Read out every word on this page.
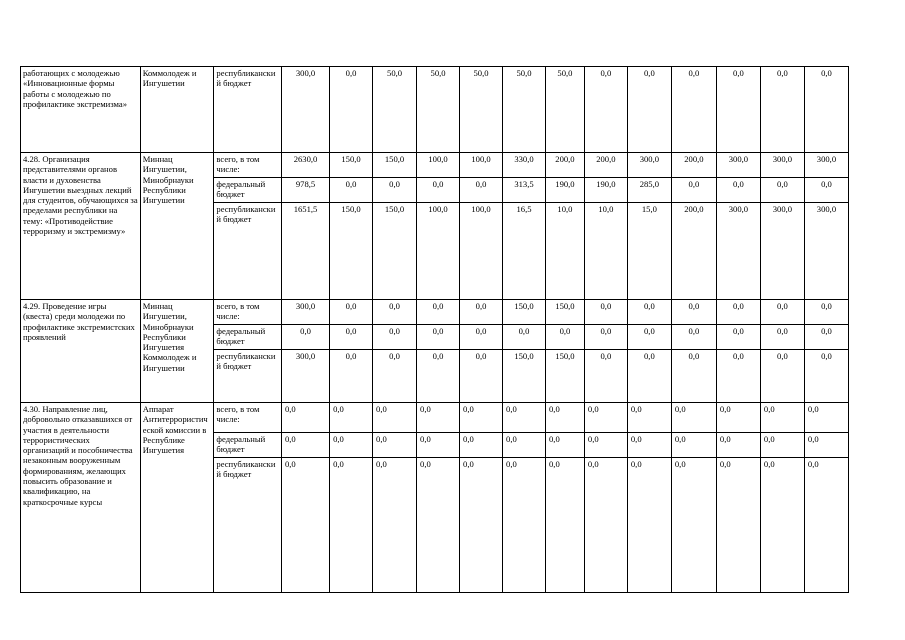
работающих с молодежью «Инновационные формы работы с молодежью по профилактике экстремизма»	Коммолодеж и Ингушетии	республиканский бюджет	300,0	0,0	50,0	50,0	50,0	50,0	50,0	0,0	0,0	0,0	0,0	0,0	0,0
4.28. Организация представителями органов власти и духовенства Ингушетии выездных лекций для студентов, обучающихся за пределами республики на тему: «Противодействие терроризму и экстремизму»	Миннац Ингушетии, Минобрнауки Республики Ингушетии	всего, в том числе:	2630,0	150,0	150,0	100,0	100,0	330,0	200,0	200,0	300,0	200,0	300,0	300,0	300,0
		федеральный бюджет	978,5	0,0	0,0	0,0	0,0	313,5	190,0	190,0	285,0	0,0	0,0	0,0	0,0
		республиканский бюджет	1651,5	150,0	150,0	100,0	100,0	16,5	10,0	10,0	15,0	200,0	300,0	300,0	300,0
4.29. Проведение игры (квеста) среди молодежи по профилактике экстремистских проявлений	Миннац Ингушетии, Минобрнауки Республики Ингушетия Коммолодеж и Ингушетии	всего, в том числе:	300,0	0,0	0,0	0,0	0,0	150,0	150,0	0,0	0,0	0,0	0,0	0,0	0,0
		федеральный бюджет	0,0	0,0	0,0	0,0	0,0	0,0	0,0	0,0	0,0	0,0	0,0	0,0	0,0
		республиканский бюджет	300,0	0,0	0,0	0,0	0,0	150,0	150,0	0,0	0,0	0,0	0,0	0,0	0,0
4.30. Направление лиц, добровольно отказавшихся от участия в деятельности террористических организаций и пособничества незаконным вооруженным формированиям, желающих повысить образование и квалификацию, на краткосрочные курсы	Аппарат Антитеррористической комиссии в Республике Ингушетия	всего, в том числе:	0,0	0,0	0,0	0,0	0,0	0,0	0,0	0,0	0,0	0,0	0,0	0,0	0,0
		федеральный бюджет	0,0	0,0	0,0	0,0	0,0	0,0	0,0	0,0	0,0	0,0	0,0	0,0	0,0
		республиканский бюджет	0,0	0,0	0,0	0,0	0,0	0,0	0,0	0,0	0,0	0,0	0,0	0,0	0,0
